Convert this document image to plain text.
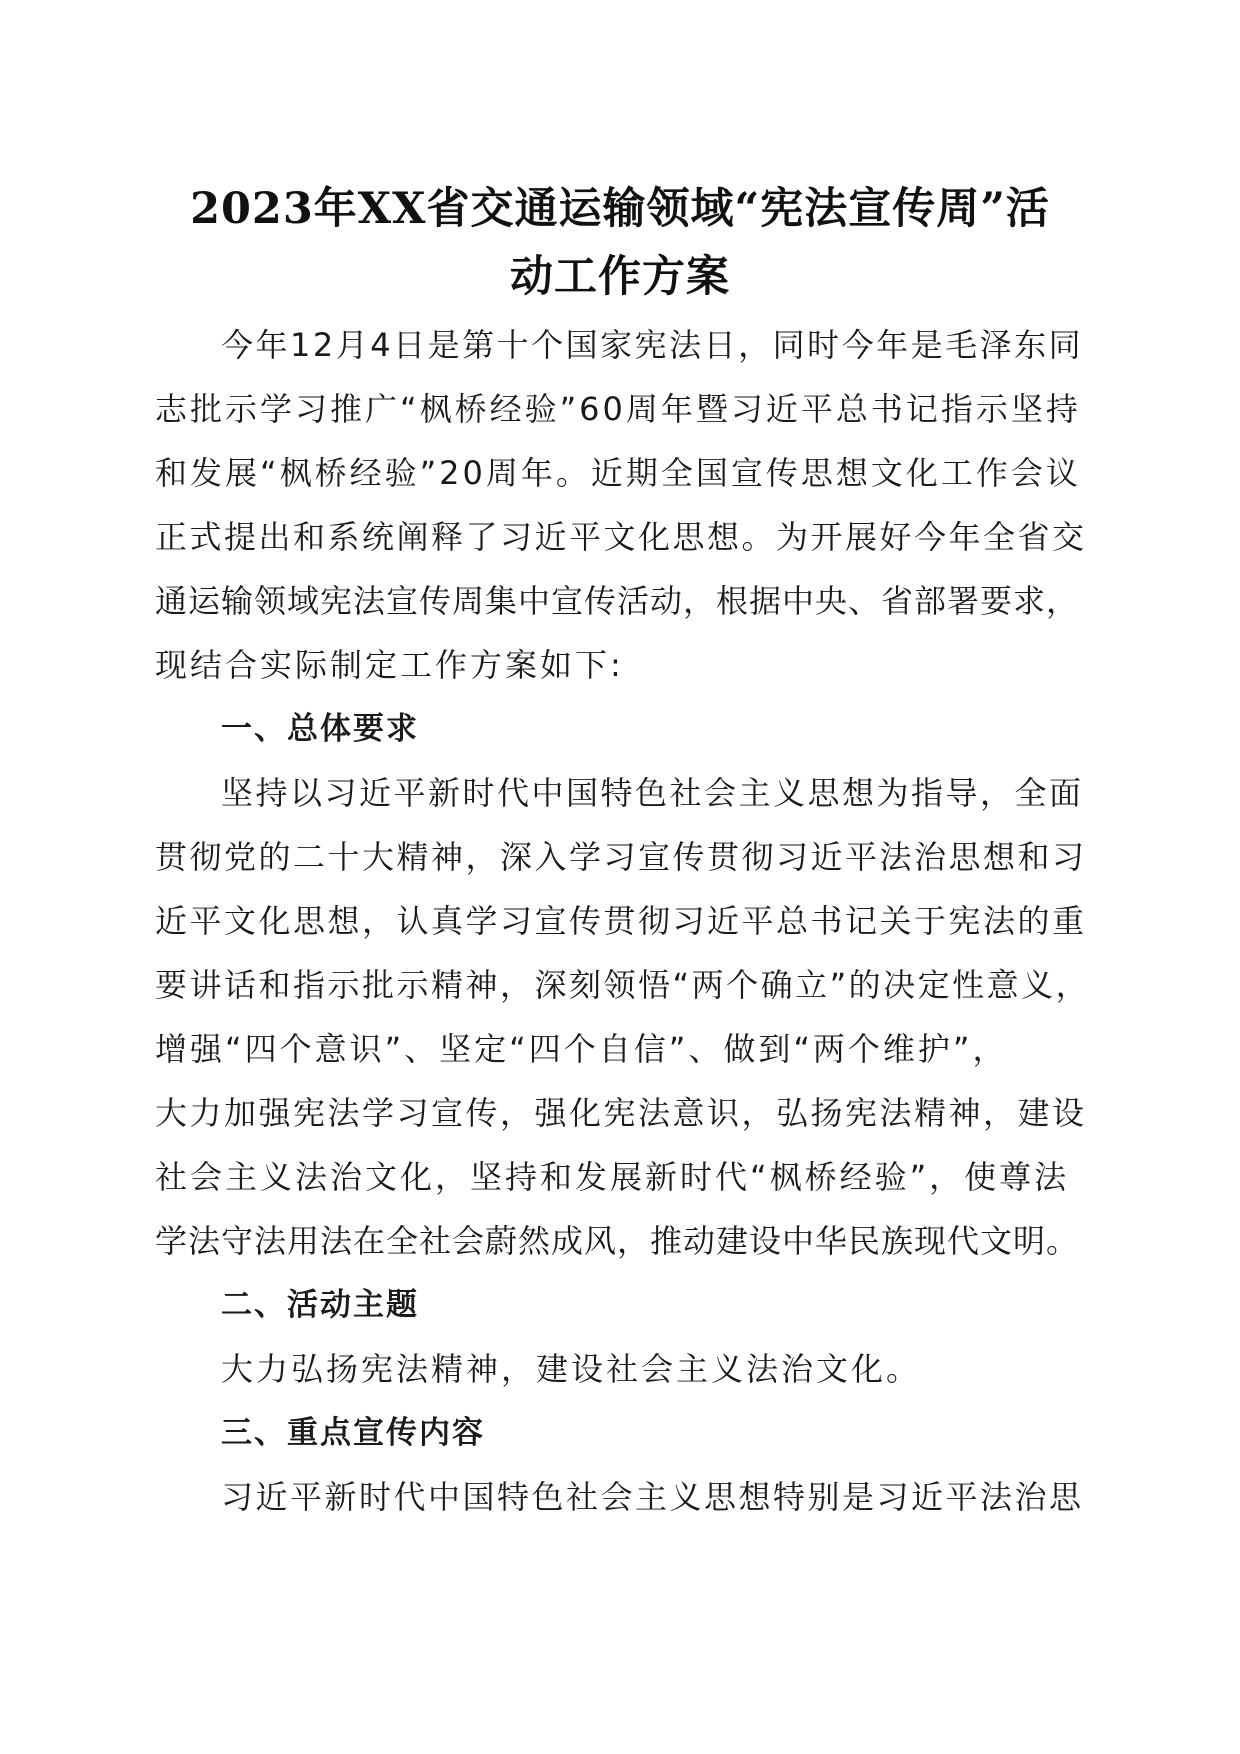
2023年XX省交通运输领域“宪法宣传周”活
动工作方案
今年12月4日是第十个国家宪法日，同时今年是毛泽东同
志批示学习推广“枫桥经验”60周年暨习近平总书记指示坚持
和发展“枫桥经验”20周年。近期全国宣传思想文化工作会议
正式提出和系统阐释了习近平文化思想。为开展好今年全省交
通运输领域宪法宣传周集中宣传活动，根据中央、省部署要求，
现结合实际制定工作方案如下:
一、总体要求
坚持以习近平新时代中国特色社会主义思想为指导，全面
贯彻党的二十大精神，深入学习宣传贯彻习近平法治思想和习
近平文化思想，认真学习宣传贯彻习近平总书记关于宪法的重
要讲话和指示批示精神，深刻领悟“两个确立”的决定性意义，
增强“四个意识”、坚定“四个自信”、做到“两个维护”，
大力加强宪法学习宣传，强化宪法意识，弘扬宪法精神，建设
社会主义法治文化，坚持和发展新时代“枫桥经验”，使尊法
学法守法用法在全社会蔚然成风，推动建设中华民族现代文明。
二、活动主题
大力弘扬宪法精神，建设社会主义法治文化。
三、重点宣传内容
习近平新时代中国特色社会主义思想特别是习近平法治思
